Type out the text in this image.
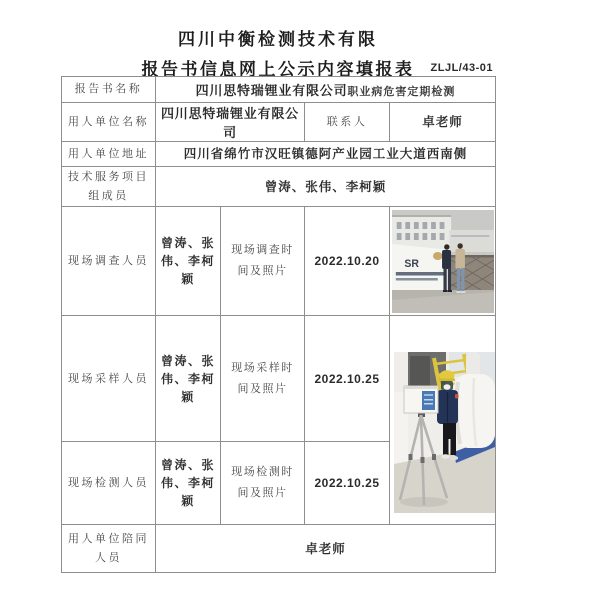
四川中衡检测技术有限
报告书信息网上公示内容填报表	ZLJL/43-01
报告书名称	四川思特瑞锂业有限公司职业病危害定期检测			
用人单位名称	四川思特瑞锂业有限公司		联系人	卓老师
用人单位地址	四川省绵竹市汉旺镇德阿产业园工业大道西南侧			
技术服务项目组成员	曾涛、张伟、李柯颖			
现场调查人员	曾涛、张伟、李柯颖	现场调查时间及照片	2022.10.20	SR

现场采样人员	曾涛、张伟、李柯颖	现场采样时间及照片	2022.10.25	

现场检测人员	曾涛、张伟、李柯颖	现场检测时间及照片	2022.10.25	
用人单位陪同人员	卓老师			
